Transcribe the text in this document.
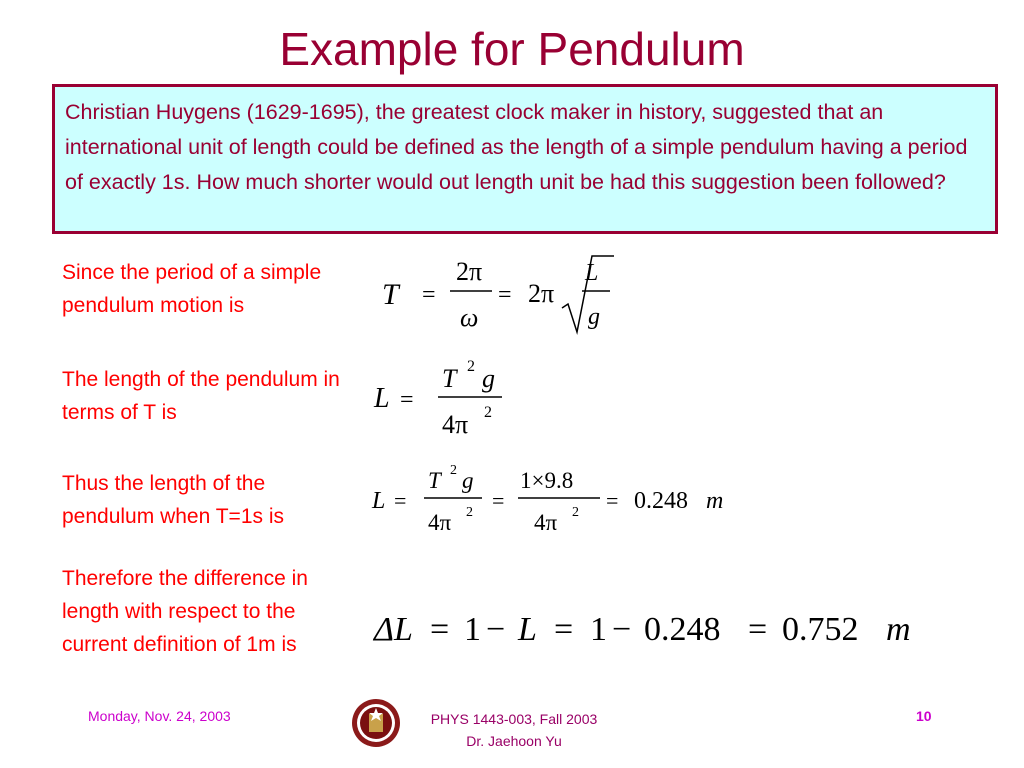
Example for Pendulum
Christian Huygens (1629-1695), the greatest clock maker in history, suggested that an international unit of length could be defined as the length of a simple pendulum having a period of exactly 1s. How much shorter would out length unit be had this suggestion been followed?
Since the period of a simple pendulum motion is
The length of the pendulum in terms of T is
Thus the length of the pendulum when T=1s is
Therefore the difference in length with respect to the current definition of 1m is
T =
2π
ω
= 2π
L
g
L =
T 2 g
4π 2
L =
T 2 g
4π 2 =
1×9.8
4π 2 = 0.248 m
ΔL = 1 − L = 1 − 0.248 = 0.752 m
Monday, Nov. 24, 2003	PHYS 1443-003, Fall 2003
Dr. Jaehoon Yu
10
